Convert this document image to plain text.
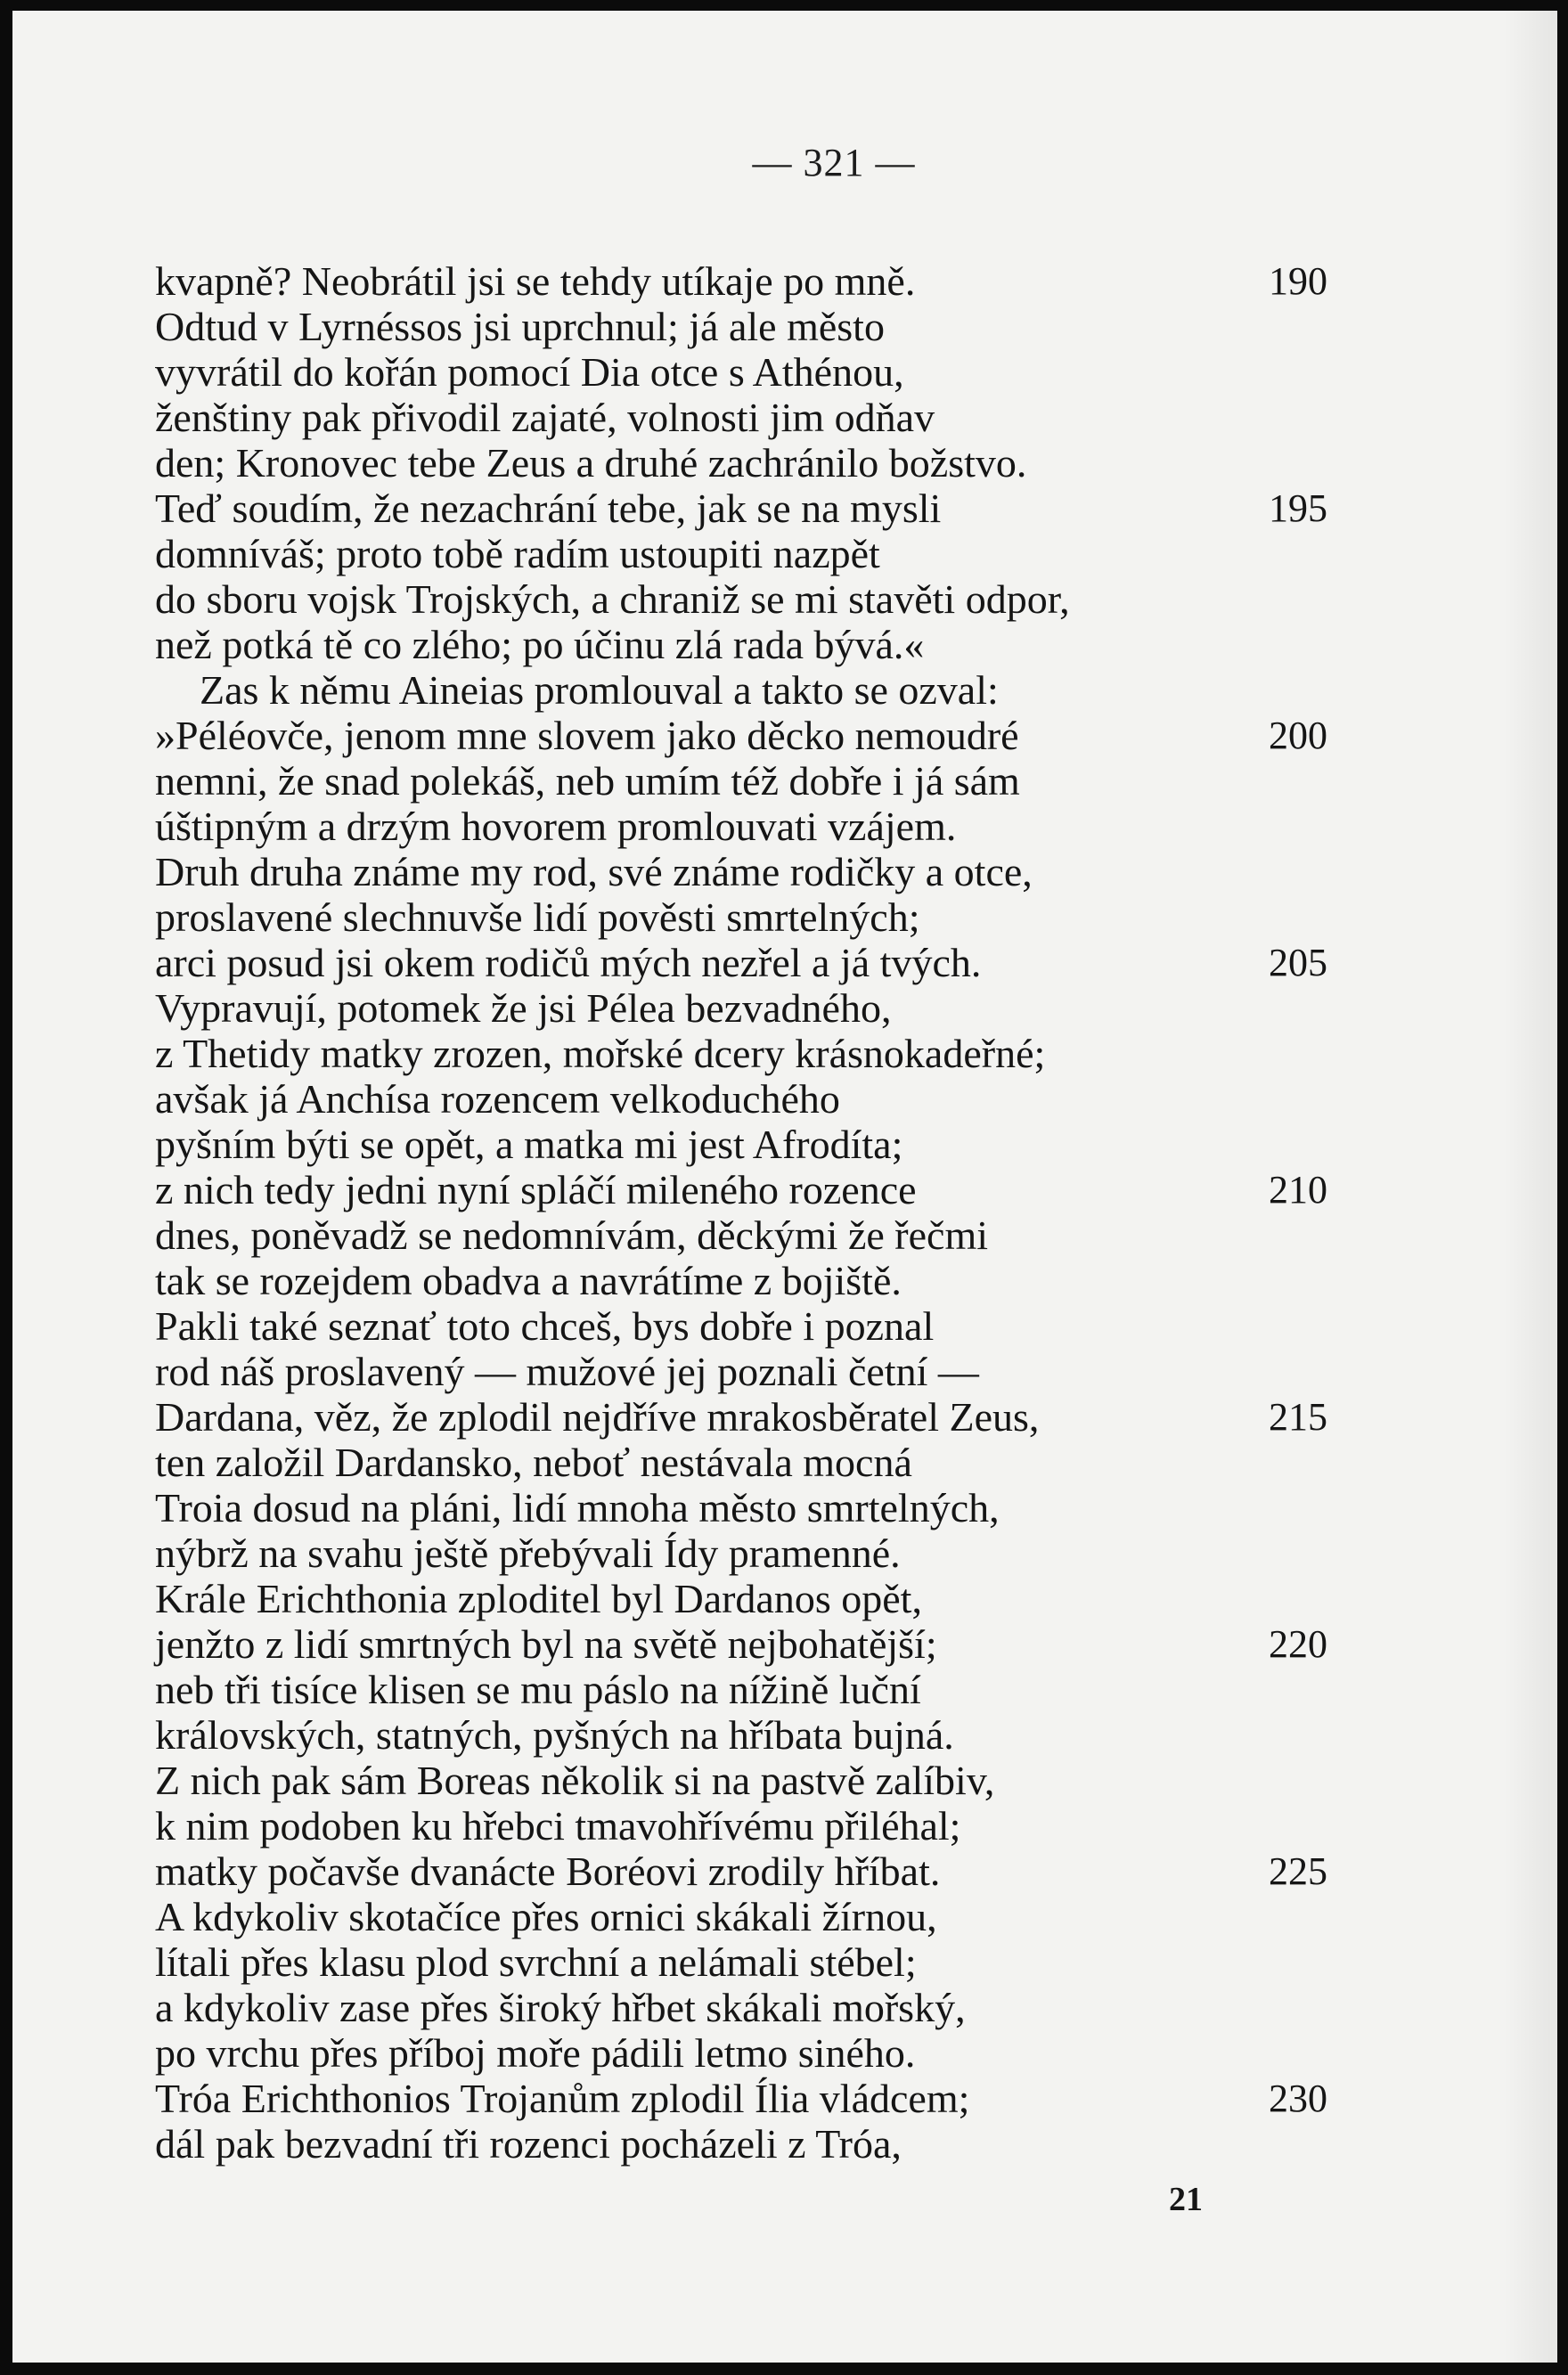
— 321 —
kvapně? Neobrátil jsi se tehdy utíkaje po mně.	190
Odtud v Lyrnéssos jsi uprchnul; já ale město
vyvrátil do kořán pomocí Dia otce s Athénou,
ženštiny pak přivodil zajaté, volnosti jim odňav
den; Kronovec tebe Zeus a druhé zachránilo božstvo.
Teď soudím, že nezachrání tebe, jak se na mysli	195
domníváš; proto tobě radím ustoupiti nazpět
do sboru vojsk Trojských, a chraniž se mi stavěti odpor,
než potká tě co zlého; po účinu zlá rada bývá.«
Zas k němu Aineias promlouval a takto se ozval:
»Péléovče, jenom mne slovem jako děcko nemoudré	200
nemni, že snad polekáš, neb umím též dobře i já sám
úštipným a drzým hovorem promlouvati vzájem.
Druh druha známe my rod, své známe rodičky a otce,
proslavené slechnuvše lidí pověsti smrtelných;
arci posud jsi okem rodičů mých nezřel a já tvých.	205
Vypravují, potomek že jsi Pélea bezvadného,
z Thetidy matky zrozen, mořské dcery krásnokadeřné;
avšak já Anchísa rozencem velkoduchého
pyšním býti se opět, a matka mi jest Afrodíta;
z nich tedy jedni nyní spláčí mileného rozence	210
dnes, poněvadž se nedomnívám, děckými že řečmi
tak se rozejdem obadva a navrátíme z bojiště.
Pakli také seznať toto chceš, bys dobře i poznal
rod náš proslavený — mužové jej poznali četní —
Dardana, věz, že zplodil nejdříve mrakosběratel Zeus,	215
ten založil Dardansko, neboť nestávala mocná
Troia dosud na pláni, lidí mnoha město smrtelných,
nýbrž na svahu ještě přebývali Ídy pramenné.
Krále Erichthonia zploditel byl Dardanos opět,
jenžto z lidí smrtných byl na světě nejbohatější;	220
neb tři tisíce klisen se mu páslo na nížině luční
královských, statných, pyšných na hříbata bujná.
Z nich pak sám Boreas několik si na pastvě zalíbiv,
k nim podoben ku hřebci tmavohřívému přiléhal;
matky počavše dvanácte Boréovi zrodily hříbat.	225
A kdykoliv skotačíce přes ornici skákali žírnou,
lítali přes klasu plod svrchní a nelámali stébel;
a kdykoliv zase přes široký hřbet skákali mořský,
po vrchu přes příboj moře pádili letmo siného.
Tróa Erichthonios Trojanům zplodil Ília vládcem;	230
dál pak bezvadní tři rozenci pocházeli z Tróa,
21
